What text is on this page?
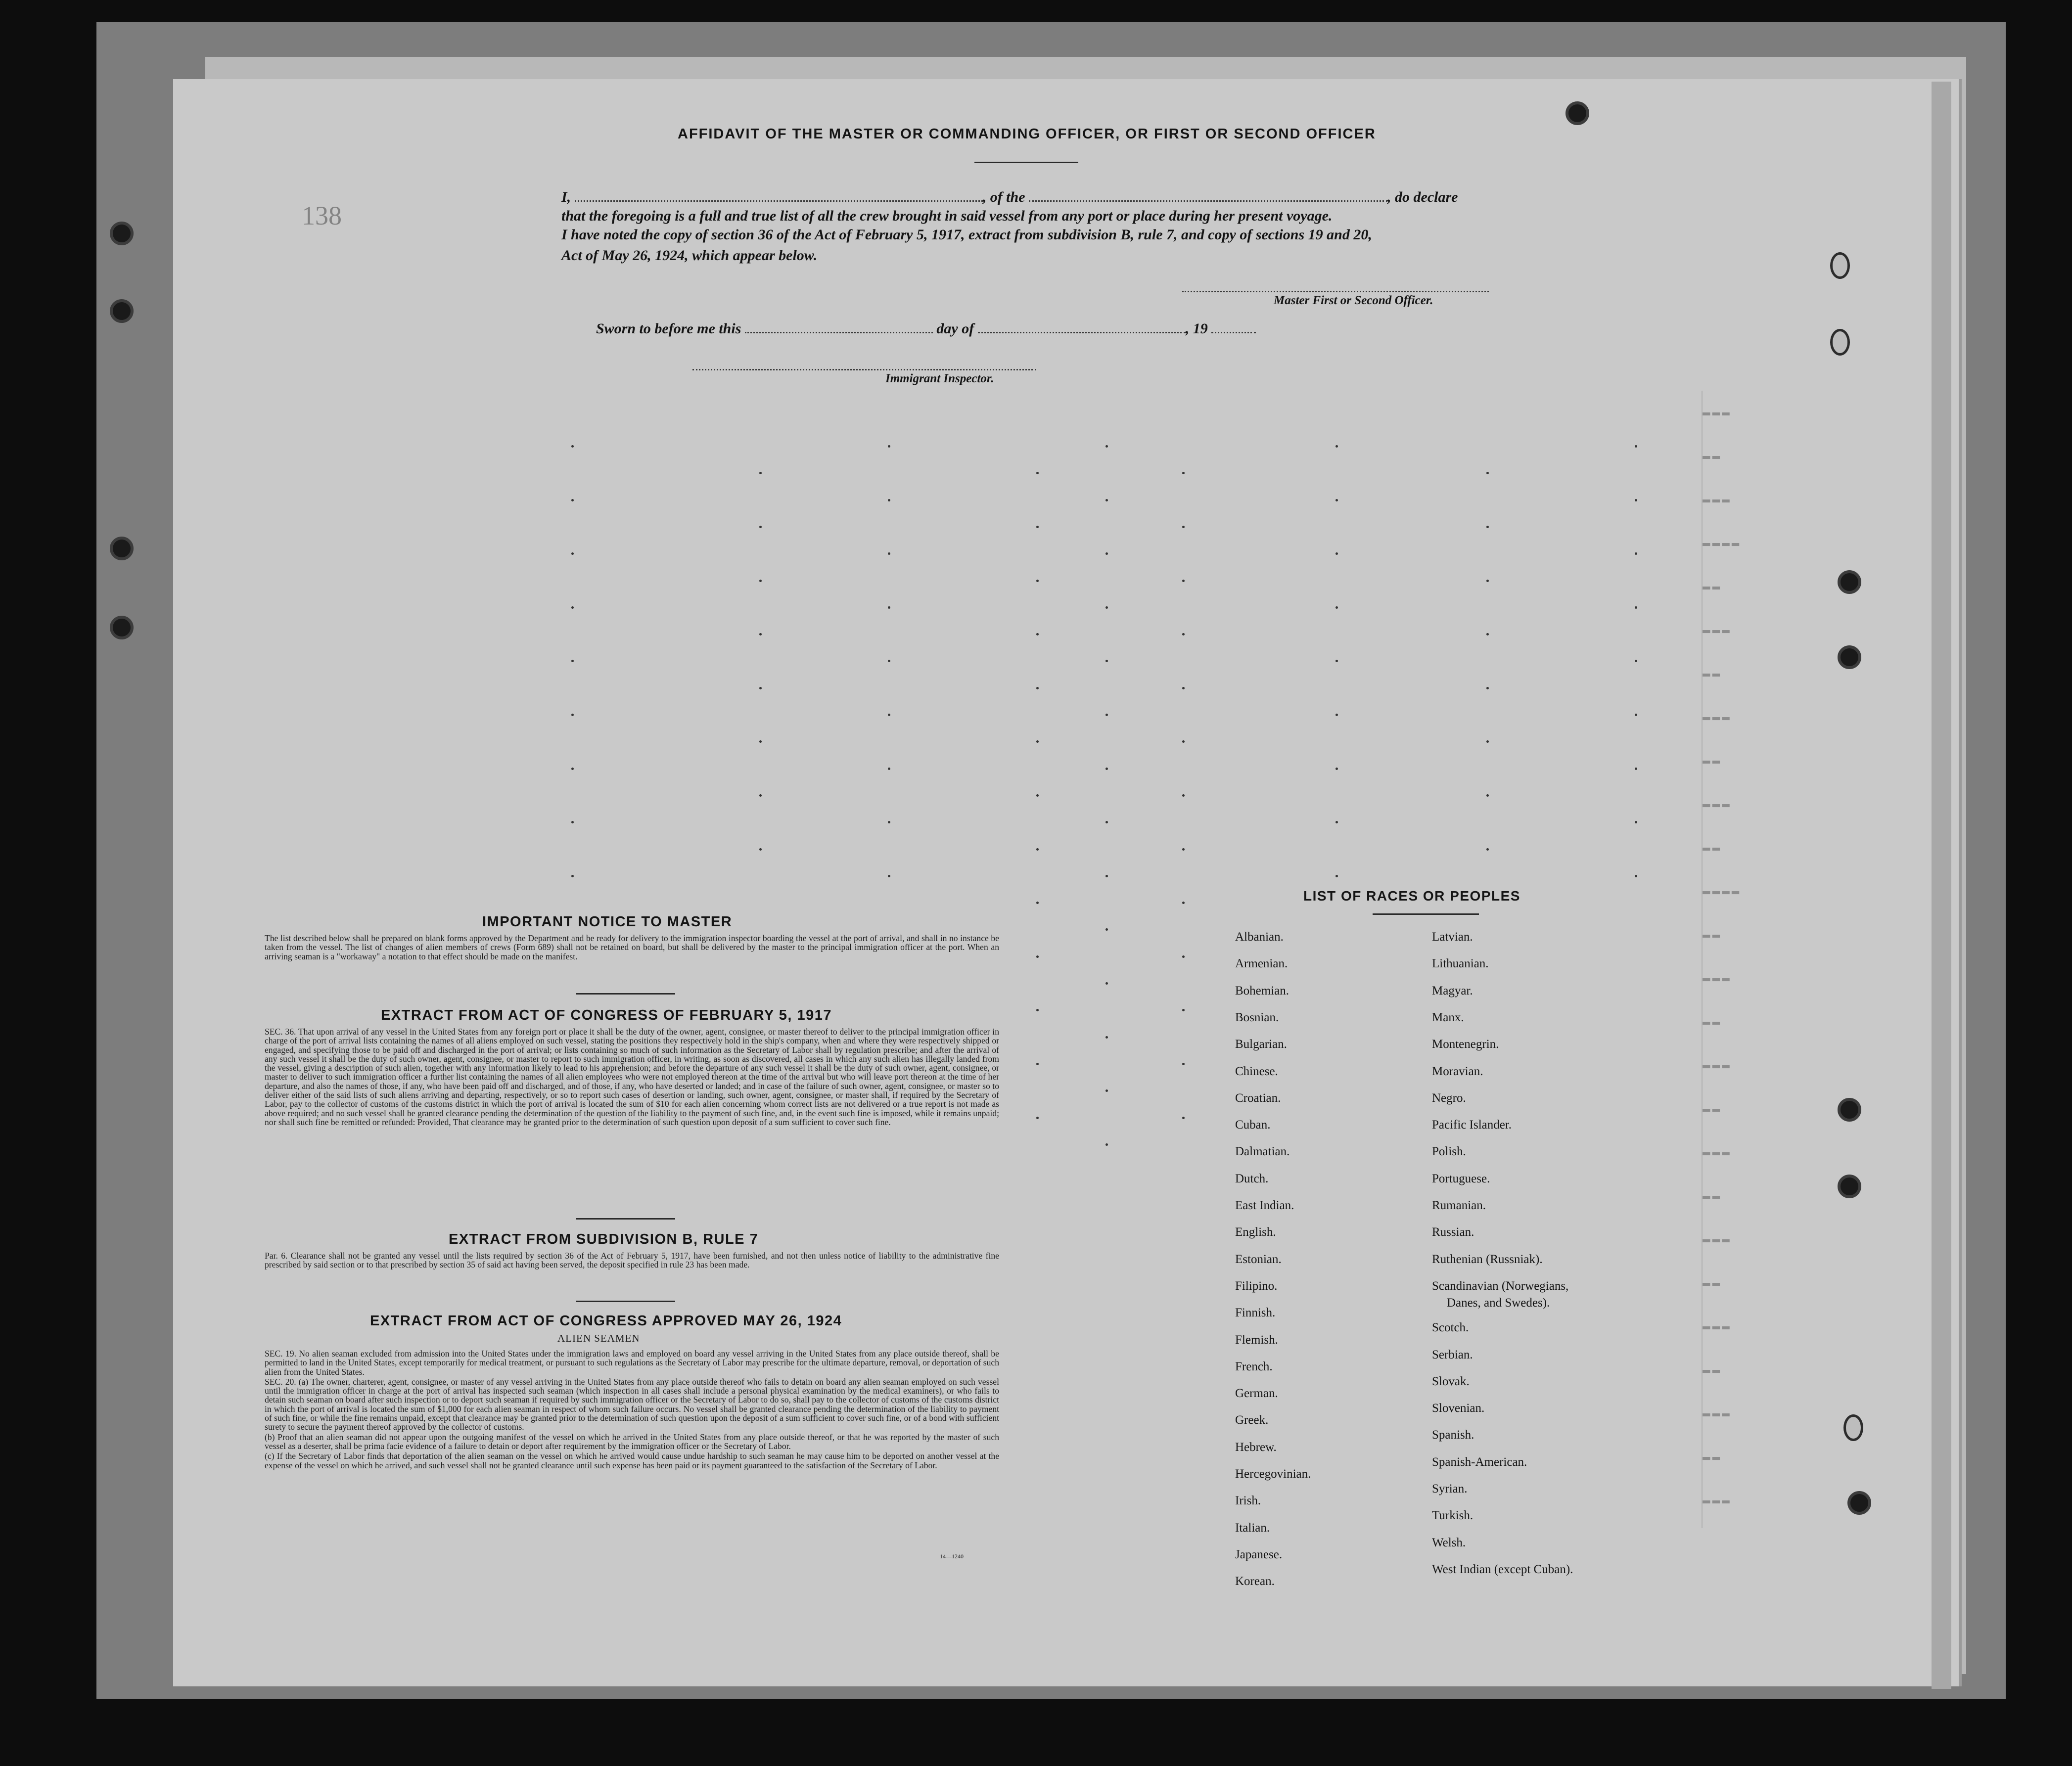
▬▬▬
▬▬
▬▬▬
▬▬▬▬
▬▬
▬▬▬
▬▬
▬▬▬
▬▬
▬▬▬
▬▬
▬▬▬▬
▬▬
▬▬▬
▬▬
▬▬▬
▬▬
▬▬▬
▬▬
▬▬▬
▬▬
▬▬▬
▬▬
▬▬▬
▬▬
▬▬▬
138
AFFIDAVIT OF THE MASTER OR COMMANDING OFFICER, OR FIRST OR SECOND OFFICER
I,	, of the	, do declare
that the foregoing is a full and true list of all the crew brought in said vessel from any port or place during her present voyage.
I have noted the copy of section 36 of the Act of February 5, 1917, extract from subdivision B, rule 7, and copy of sections 19 and 20,
Act of May 26, 1924, which appear below.
Master First or Second Officer.
Sworn to before me this	day of	, 19
Immigrant Inspector.
IMPORTANT NOTICE TO MASTER
The list described below shall be prepared on blank forms approved by the Department and be ready for delivery to the immigration inspector boarding the vessel at the port of arrival, and shall in no instance be taken from the vessel. The list of changes of alien members of crews (Form 689) shall not be retained on board, but shall be delivered by the master to the principal immigration officer at the port. When an arriving seaman is a "workaway" a notation to that effect should be made on the manifest.
EXTRACT FROM ACT OF CONGRESS OF FEBRUARY 5, 1917
SEC. 36. That upon arrival of any vessel in the United States from any foreign port or place it shall be the duty of the owner, agent, consignee, or master thereof to deliver to the principal immigration officer in charge of the port of arrival lists containing the names of all aliens employed on such vessel, stating the positions they respectively hold in the ship's company, when and where they were respectively shipped or engaged, and specifying those to be paid off and discharged in the port of arrival; or lists containing so much of such information as the Secretary of Labor shall by regulation prescribe; and after the arrival of any such vessel it shall be the duty of such owner, agent, consignee, or master to report to such immigration officer, in writing, as soon as discovered, all cases in which any such alien has illegally landed from the vessel, giving a description of such alien, together with any information likely to lead to his apprehension; and before the departure of any such vessel it shall be the duty of such owner, agent, consignee, or master to deliver to such immigration officer a further list containing the names of all alien employees who were not employed thereon at the time of the arrival but who will leave port thereon at the time of her departure, and also the names of those, if any, who have been paid off and discharged, and of those, if any, who have deserted or landed; and in case of the failure of such owner, agent, consignee, or master so to deliver either of the said lists of such aliens arriving and departing, respectively, or so to report such cases of desertion or landing, such owner, agent, consignee, or master shall, if required by the Secretary of Labor, pay to the collector of customs of the customs district in which the port of arrival is located the sum of $10 for each alien concerning whom correct lists are not delivered or a true report is not made as above required; and no such vessel shall be granted clearance pending the determination of the question of the liability to the payment of such fine, and, in the event such fine is imposed, while it remains unpaid; nor shall such fine be remitted or refunded: Provided, That clearance may be granted prior to the determination of such question upon deposit of a sum sufficient to cover such fine.
EXTRACT FROM SUBDIVISION B, RULE 7
Par. 6. Clearance shall not be granted any vessel until the lists required by section 36 of the Act of February 5, 1917, have been furnished, and not then unless notice of liability to the administrative fine prescribed by said section or to that prescribed by section 35 of said act having been served, the deposit specified in rule 23 has been made.
EXTRACT FROM ACT OF CONGRESS APPROVED MAY 26, 1924
ALIEN SEAMEN
SEC. 19. No alien seaman excluded from admission into the United States under the immigration laws and employed on board any vessel arriving in the United States from any place outside thereof, shall be permitted to land in the United States, except temporarily for medical treatment, or pursuant to such regulations as the Secretary of Labor may prescribe for the ultimate departure, removal, or deportation of such alien from the United States.
SEC. 20. (a) The owner, charterer, agent, consignee, or master of any vessel arriving in the United States from any place outside thereof who fails to detain on board any alien seaman employed on such vessel until the immigration officer in charge at the port of arrival has inspected such seaman (which inspection in all cases shall include a personal physical examination by the medical examiners), or who fails to detain such seaman on board after such inspection or to deport such seaman if required by such immigration officer or the Secretary of Labor to do so, shall pay to the collector of customs of the customs district in which the port of arrival is located the sum of $1,000 for each alien seaman in respect of whom such failure occurs. No vessel shall be granted clearance pending the determination of the liability to payment of such fine, or while the fine remains unpaid, except that clearance may be granted prior to the determination of such question upon the deposit of a sum sufficient to cover such fine, or of a bond with sufficient surety to secure the payment thereof approved by the collector of customs.
(b) Proof that an alien seaman did not appear upon the outgoing manifest of the vessel on which he arrived in the United States from any place outside thereof, or that he was reported by the master of such vessel as a deserter, shall be prima facie evidence of a failure to detain or deport after requirement by the immigration officer or the Secretary of Labor.
(c) If the Secretary of Labor finds that deportation of the alien seaman on the vessel on which he arrived would cause undue hardship to such seaman he may cause him to be deported on another vessel at the expense of the vessel on which he arrived, and such vessel shall not be granted clearance until such expense has been paid or its payment guaranteed to the satisfaction of the Secretary of Labor.
14—1240
LIST OF RACES OR PEOPLES
Albanian.
Armenian.
Bohemian.
Bosnian.
Bulgarian.
Chinese.
Croatian.
Cuban.
Dalmatian.
Dutch.
East Indian.
English.
Estonian.
Filipino.
Finnish.
Flemish.
French.
German.
Greek.
Hebrew.
Hercegovinian.
Irish.
Italian.
Japanese.
Korean.
Latvian.
Lithuanian.
Magyar.
Manx.
Montenegrin.
Moravian.
Negro.
Pacific Islander.
Polish.
Portuguese.
Rumanian.
Russian.
Ruthenian (Russniak).
Scandinavian (Norwegians,
Danes, and Swedes).
Scotch.
Serbian.
Slovak.
Slovenian.
Spanish.
Spanish-American.
Syrian.
Turkish.
Welsh.
West Indian (except Cuban).
